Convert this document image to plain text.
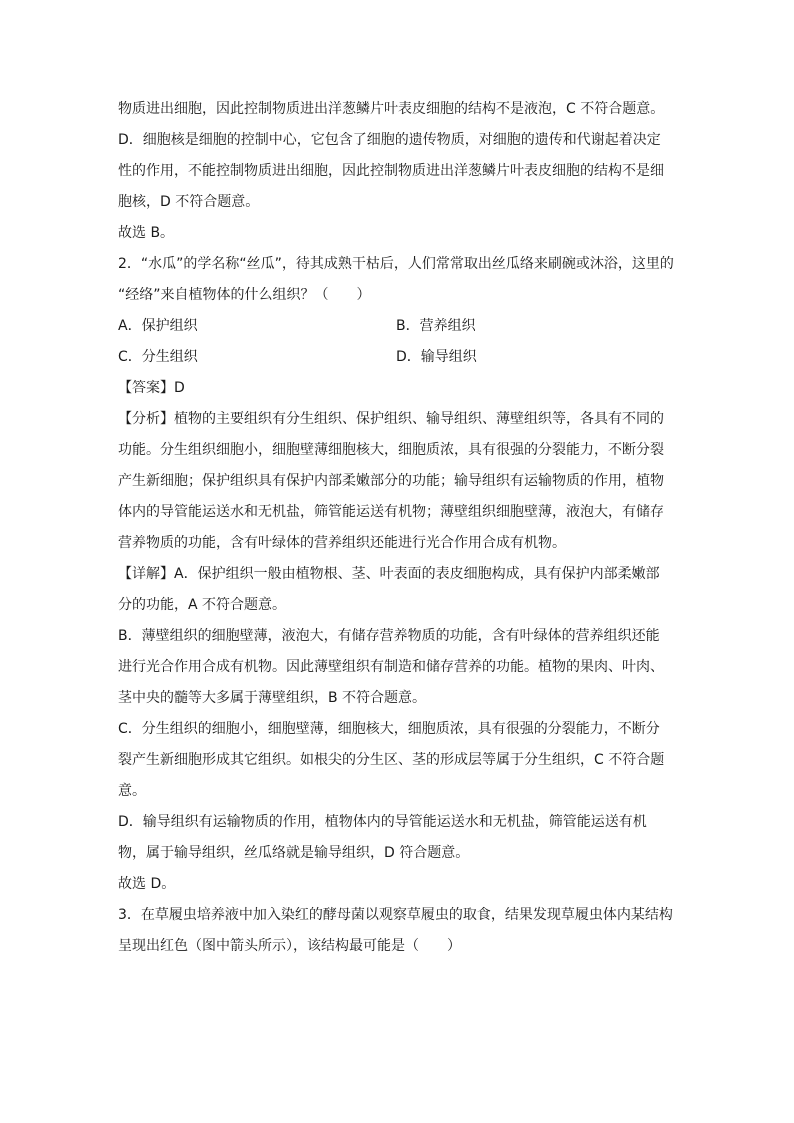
物质进出细胞，因此控制物质进出洋葱鳞片叶表皮细胞的结构不是液泡，C 不符合题意。
D．细胞核是细胞的控制中心，它包含了细胞的遗传物质，对细胞的遗传和代谢起着决定
性的作用，不能控制物质进出细胞，因此控制物质进出洋葱鳞片叶表皮细胞的结构不是细
胞核，D 不符合题意。
故选 B。
2．“水瓜”的学名称“丝瓜”，待其成熟干枯后，人们常常取出丝瓜络来刷碗或沐浴，这里的
“经络”来自植物体的什么组织？（　　）
A．保护组织	B．营养组织
C．分生组织	D．输导组织
【答案】D
【分析】植物的主要组织有分生组织、保护组织、输导组织、薄壁组织等，各具有不同的
功能。分生组织细胞小，细胞壁薄细胞核大，细胞质浓，具有很强的分裂能力，不断分裂
产生新细胞；保护组织具有保护内部柔嫩部分的功能；输导组织有运输物质的作用，植物
体内的导管能运送水和无机盐，筛管能运送有机物；薄壁组织细胞壁薄，液泡大，有储存
营养物质的功能，含有叶绿体的营养组织还能进行光合作用合成有机物。
【详解】A．保护组织一般由植物根、茎、叶表面的表皮细胞构成，具有保护内部柔嫩部
分的功能，A 不符合题意。
B．薄壁组织的细胞壁薄，液泡大，有储存营养物质的功能，含有叶绿体的营养组织还能
进行光合作用合成有机物。因此薄壁组织有制造和储存营养的功能。植物的果肉、叶肉、
茎中央的髓等大多属于薄壁组织，B 不符合题意。
C．分生组织的细胞小，细胞壁薄，细胞核大，细胞质浓，具有很强的分裂能力，不断分
裂产生新细胞形成其它组织。如根尖的分生区、茎的形成层等属于分生组织，C 不符合题
意。
D．输导组织有运输物质的作用，植物体内的导管能运送水和无机盐，筛管能运送有机
物，属于输导组织，丝瓜络就是输导组织，D 符合题意。
故选 D。
3．在草履虫培养液中加入染红的酵母菌以观察草履虫的取食，结果发现草履虫体内某结构
呈现出红色（图中箭头所示），该结构最可能是（　　）
